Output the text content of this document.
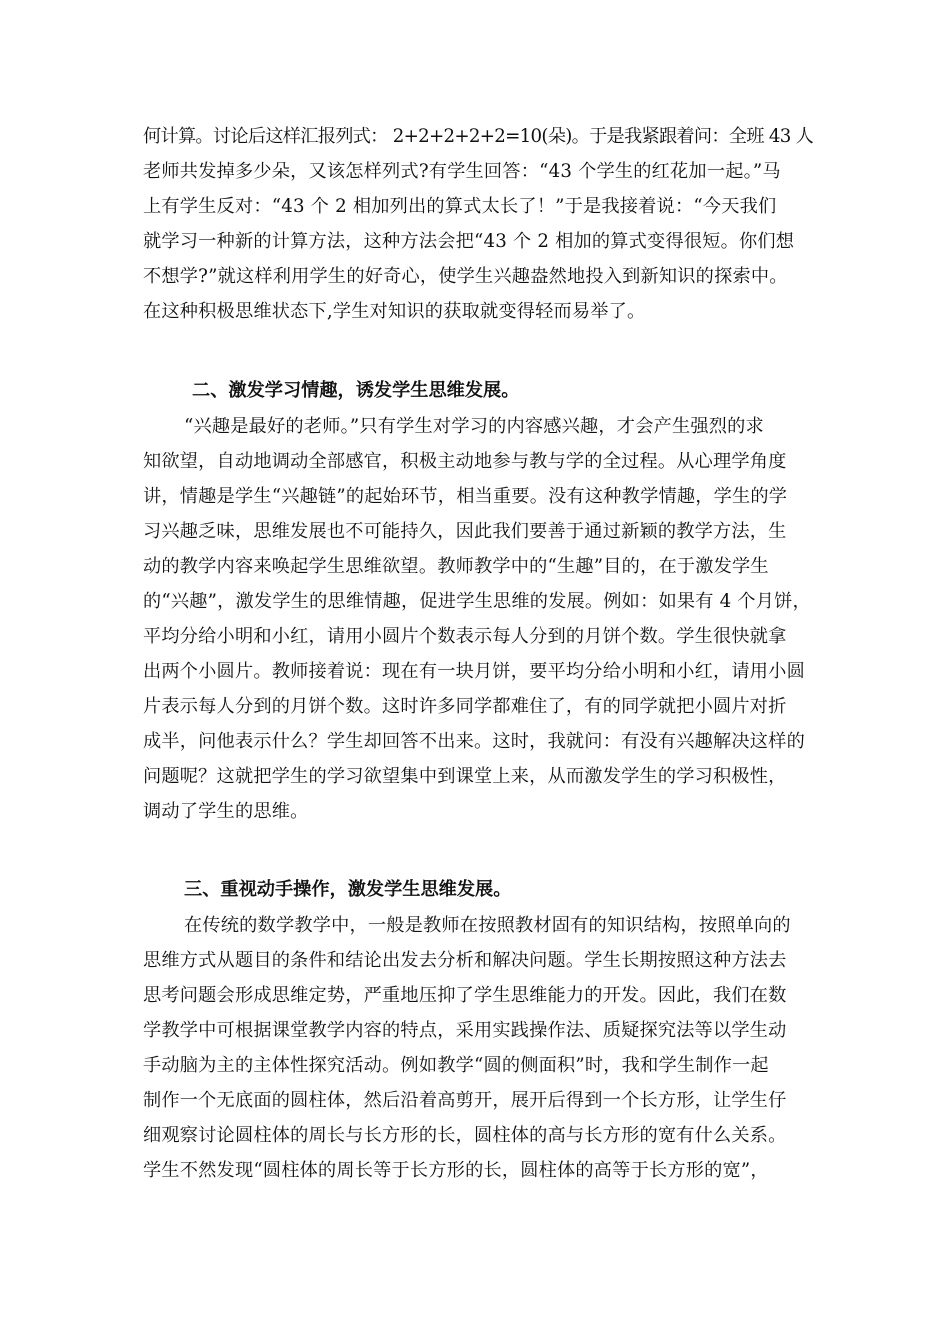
何计算。讨论后这样汇报列式： 2+2+2+2+2=10(朵)。于是我紧跟着问：全班 43 人
老师共发掉多少朵，又该怎样列式?有学生回答：“43 个学生的红花加一起。”马
上有学生反对：“43 个 2 相加列出的算式太长了！”于是我接着说：“今天我们
就学习一种新的计算方法，这种方法会把“43 个 2 相加的算式变得很短。你们想
不想学?”就这样利用学生的好奇心，使学生兴趣盎然地投入到新知识的探索中。
在这种积极思维状态下,学生对知识的获取就变得轻而易举了。
二、激发学习情趣，诱发学生思维发展。
“兴趣是最好的老师。”只有学生对学习的内容感兴趣，才会产生强烈的求
知欲望，自动地调动全部感官，积极主动地参与教与学的全过程。从心理学角度
讲，情趣是学生“兴趣链”的起始环节，相当重要。没有这种教学情趣，学生的学
习兴趣乏味，思维发展也不可能持久，因此我们要善于通过新颖的教学方法，生
动的教学内容来唤起学生思维欲望。教师教学中的“生趣”目的，在于激发学生
的“兴趣”，激发学生的思维情趣，促进学生思维的发展。例如：如果有 4 个月饼，
平均分给小明和小红，请用小圆片个数表示每人分到的月饼个数。学生很快就拿
出两个小圆片。教师接着说：现在有一块月饼，要平均分给小明和小红，请用小圆
片表示每人分到的月饼个数。这时许多同学都难住了，有的同学就把小圆片对折
成半，问他表示什么？学生却回答不出来。这时，我就问：有没有兴趣解决这样的
问题呢？这就把学生的学习欲望集中到课堂上来，从而激发学生的学习积极性，
调动了学生的思维。
三、重视动手操作，激发学生思维发展。
在传统的数学教学中，一般是教师在按照教材固有的知识结构，按照单向的
思维方式从题目的条件和结论出发去分析和解决问题。学生长期按照这种方法去
思考问题会形成思维定势，严重地压抑了学生思维能力的开发。因此，我们在数
学教学中可根据课堂教学内容的特点，采用实践操作法、质疑探究法等以学生动
手动脑为主的主体性探究活动。例如教学“圆的侧面积”时，我和学生制作一起
制作一个无底面的圆柱体，然后沿着高剪开，展开后得到一个长方形，让学生仔
细观察讨论圆柱体的周长与长方形的长，圆柱体的高与长方形的宽有什么关系。
学生不然发现“圆柱体的周长等于长方形的长，圆柱体的高等于长方形的宽”，
